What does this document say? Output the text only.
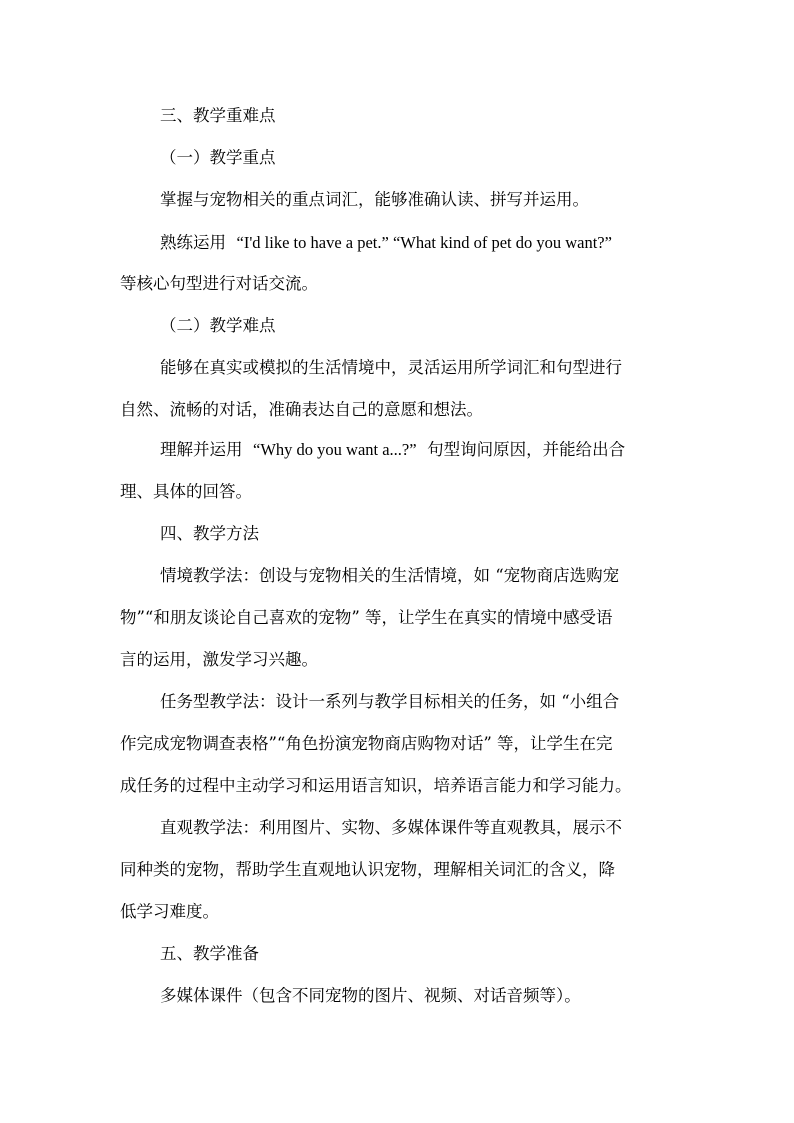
三、教学重难点
（一）教学重点
掌握与宠物相关的重点词汇，能够准确认读、拼写并运用。
熟练运用 “I'd like to have a pet.” “What kind of pet do you want?”
等核心句型进行对话交流。
（二）教学难点
能够在真实或模拟的生活情境中，灵活运用所学词汇和句型进行
自然、流畅的对话，准确表达自己的意愿和想法。
理解并运用 “Why do you want a...?” 句型询问原因，并能给出合
理、具体的回答。
四、教学方法
情境教学法：创设与宠物相关的生活情境，如 “宠物商店选购宠
物”“和朋友谈论自己喜欢的宠物” 等，让学生在真实的情境中感受语
言的运用，激发学习兴趣。
任务型教学法：设计一系列与教学目标相关的任务，如 “小组合
作完成宠物调查表格”“角色扮演宠物商店购物对话” 等，让学生在完
成任务的过程中主动学习和运用语言知识，培养语言能力和学习能力。
直观教学法：利用图片、实物、多媒体课件等直观教具，展示不
同种类的宠物，帮助学生直观地认识宠物，理解相关词汇的含义，降
低学习难度。
五、教学准备
多媒体课件（包含不同宠物的图片、视频、对话音频等）。
